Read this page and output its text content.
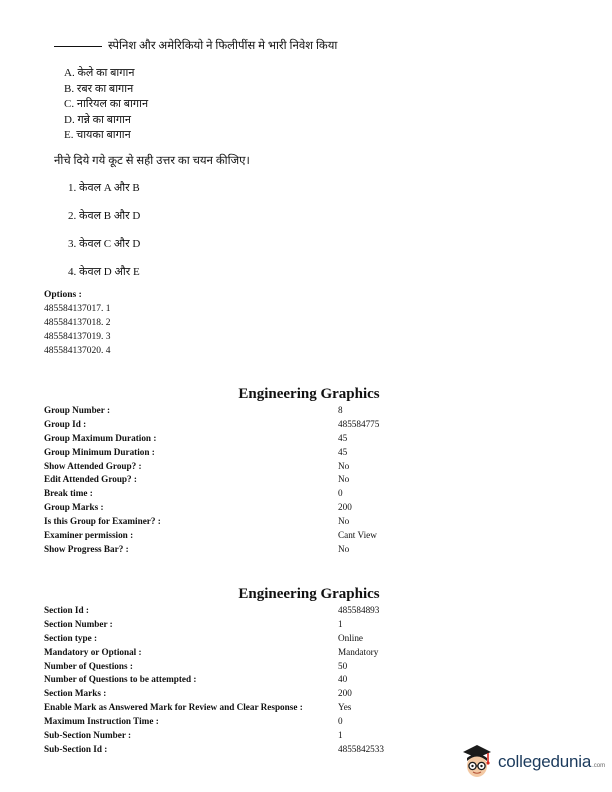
स्पेनिश और अमेरिकियो ने फिलीपींस मे भारी निवेश किया
A. केले का बागान
B. रबर का बागान
C. नारियल का बागान
D. गन्ने का बागान
E. चायका बागान
नीचे दिये गये कूट से सही उत्तर का चयन कीजिए।
1. केवल A और B
2. केवल B और D
3. केवल C और D
4. केवल D और E
Options :
485584137017. 1
485584137018. 2
485584137019. 3
485584137020. 4
Engineering Graphics
Group Number :	8
Group Id :	485584775
Group Maximum Duration :	45
Group Minimum Duration :	45
Show Attended Group? :	No
Edit Attended Group? :	No
Break time :	0
Group Marks :	200
Is this Group for Examiner? :	No
Examiner permission :	Cant View
Show Progress Bar? :	No
Engineering Graphics
Section Id :	485584893
Section Number :	1
Section type :	Online
Mandatory or Optional :	Mandatory
Number of Questions :	50
Number of Questions to be attempted :	40
Section Marks :	200
Enable Mark as Answered Mark for Review and Clear Response :	Yes
Maximum Instruction Time :	0
Sub-Section Number :	1
Sub-Section Id :	4855842533
collegedunia .com
